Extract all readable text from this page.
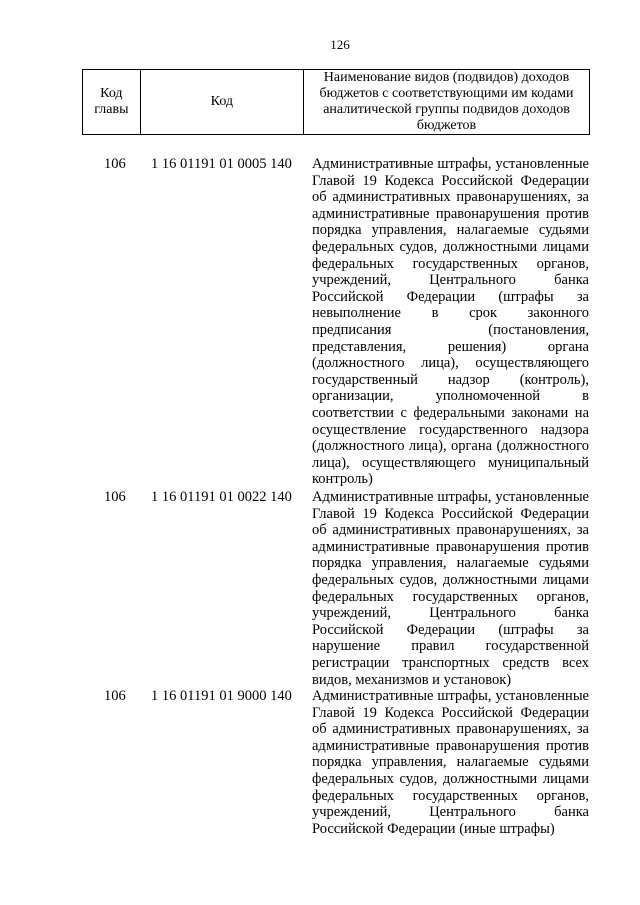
126
Код главы	Код	Наименование видов (подвидов) доходов бюджетов с соответствующими им кодами аналитической группы подвидов доходов бюджетов
106 1 16 01191 01 0005 140 Административные штрафы, установленные
Главой 19 Кодекса Российской Федерации
об административных правонарушениях, за
административные правонарушения против
порядка управления, налагаемые судьями
федеральных судов, должностными лицами
федеральных государственных органов,
учреждений, Центрального банка
Российской Федерации (штрафы за
невыполнение в срок законного
предписания (постановления,
представления, решения) органа
(должностного лица), осуществляющего
государственный надзор (контроль),
организации, уполномоченной в
соответствии с федеральными законами на
осуществление государственного надзора
(должностного лица), органа (должностного
лица), осуществляющего муниципальный
контроль)
106 1 16 01191 01 0022 140 Административные штрафы, установленные
Главой 19 Кодекса Российской Федерации
об административных правонарушениях, за
административные правонарушения против
порядка управления, налагаемые судьями
федеральных судов, должностными лицами
федеральных государственных органов,
учреждений, Центрального банка
Российской Федерации (штрафы за
нарушение правил государственной
регистрации транспортных средств всех
видов, механизмов и установок)
106 1 16 01191 01 9000 140 Административные штрафы, установленные
Главой 19 Кодекса Российской Федерации
об административных правонарушениях, за
административные правонарушения против
порядка управления, налагаемые судьями
федеральных судов, должностными лицами
федеральных государственных органов,
учреждений, Центрального банка
Российской Федерации (иные штрафы)
